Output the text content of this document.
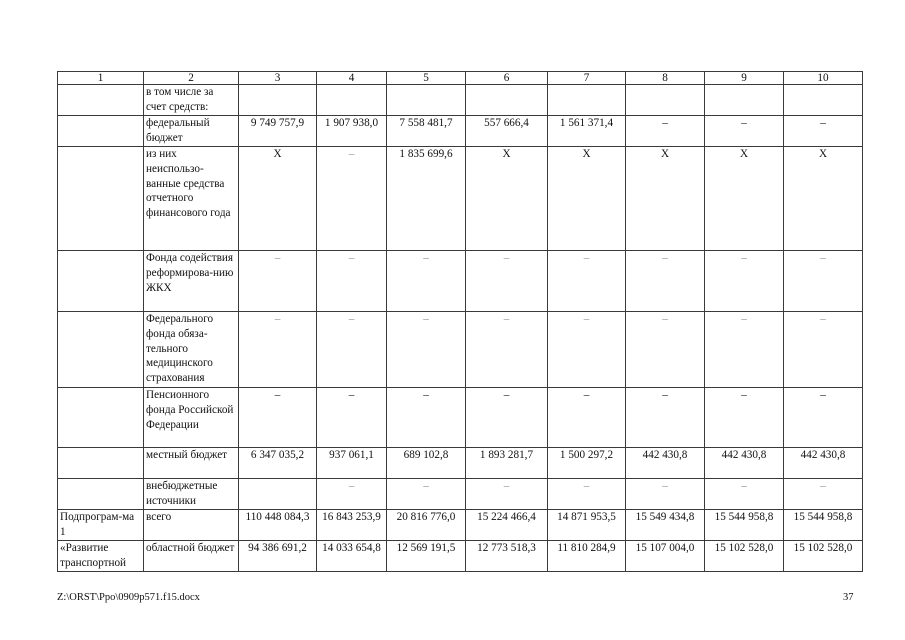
1	2	3	4	5	6	7	8	9	10
	в том числе за счет средств:								
	федеральный бюджет	9 749 757,9	1 907 938,0	7 558 481,7	557 666,4	1 561 371,4	–	–	–
	из них неиспользо-ванные средства отчетного финансового года	Х	–	1 835 699,6	Х	Х	Х	Х	Х
	Фонда содействия реформирова-нию ЖКХ	–	–	–	–	–	–	–	–
	Федерального фонда обяза-тельного медицинского страхования	–	–	–	–	–	–	–	–
	Пенсионного фонда Российской Федерации	–	–	–	–	–	–	–	–
	местный бюджет	6 347 035,2	937 061,1	689 102,8	1 893 281,7	1 500 297,2	442 430,8	442 430,8	442 430,8
	внебюджетные источники		–	–	–	–	–	–	–
Подпрограм-ма 1	всего	110 448 084,3	16 843 253,9	20 816 776,0	15 224 466,4	14 871 953,5	15 549 434,8	15 544 958,8	15 544 958,8
«Развитие транспортной	областной бюджет	94 386 691,2	14 033 654,8	12 569 191,5	12 773 518,3	11 810 284,9	15 107 004,0	15 102 528,0	15 102 528,0
Z:\ORST\Ppo\0909p571.f15.docx	37
